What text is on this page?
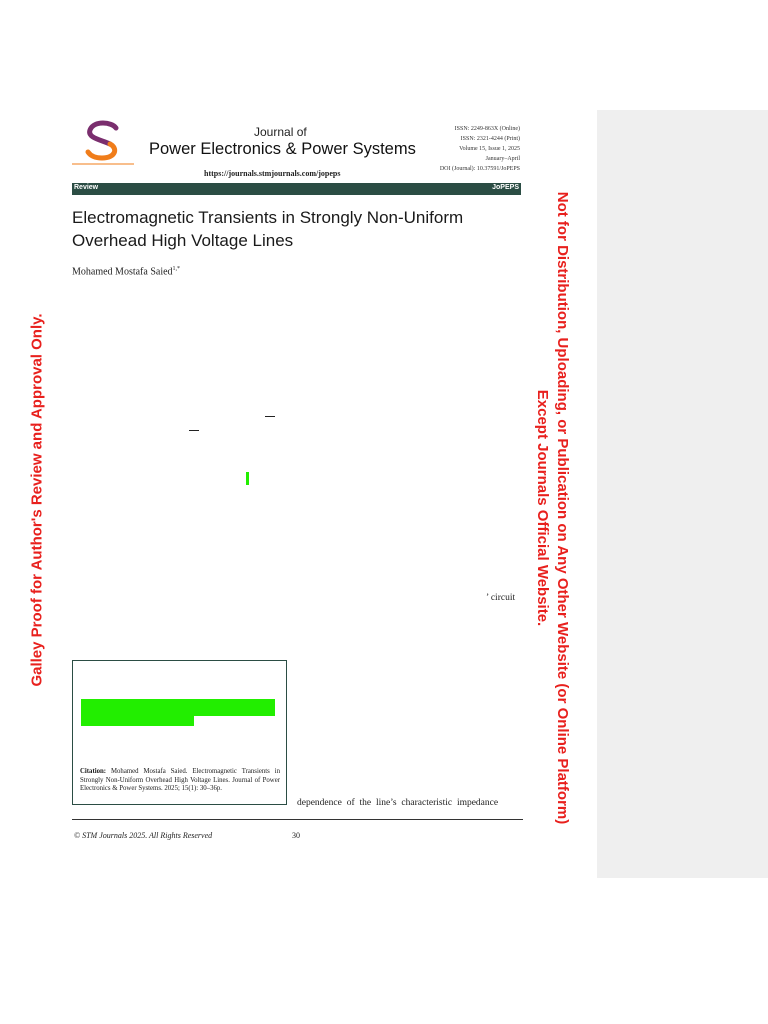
Journal of
Power Electronics & Power Systems
https://journals.stmjournals.com/jopeps
ISSN: 2249-863X (Online)
ISSN: 2321-4244 (Print)
Volume 15, Issue 1, 2025
January–April
DOI (Journal): 10.37591/JoPEPS
Review	JoPEPS
Electromagnetic Transients in Strongly Non-Uniform
Overhead High Voltage Lines
Mohamed Mostafa Saied$^{1,*}$
’ circuit
Citation: Mohamed Mostafa Saied. Electromagnetic Transients in Strongly Non-Uniform Overhead High Voltage Lines. Journal of Power Electronics & Power Systems. 2025; 15(1): 30–36p.
dependence of the line’s characteristic impedance
© STM Journals 2025. All Rights Reserved	30
Galley Proof for Author's Review and Approval Only.	Not for Distribution, Uploading, or Publication on Any Other Website (or Online Platform)
Except Journals Official Website.
